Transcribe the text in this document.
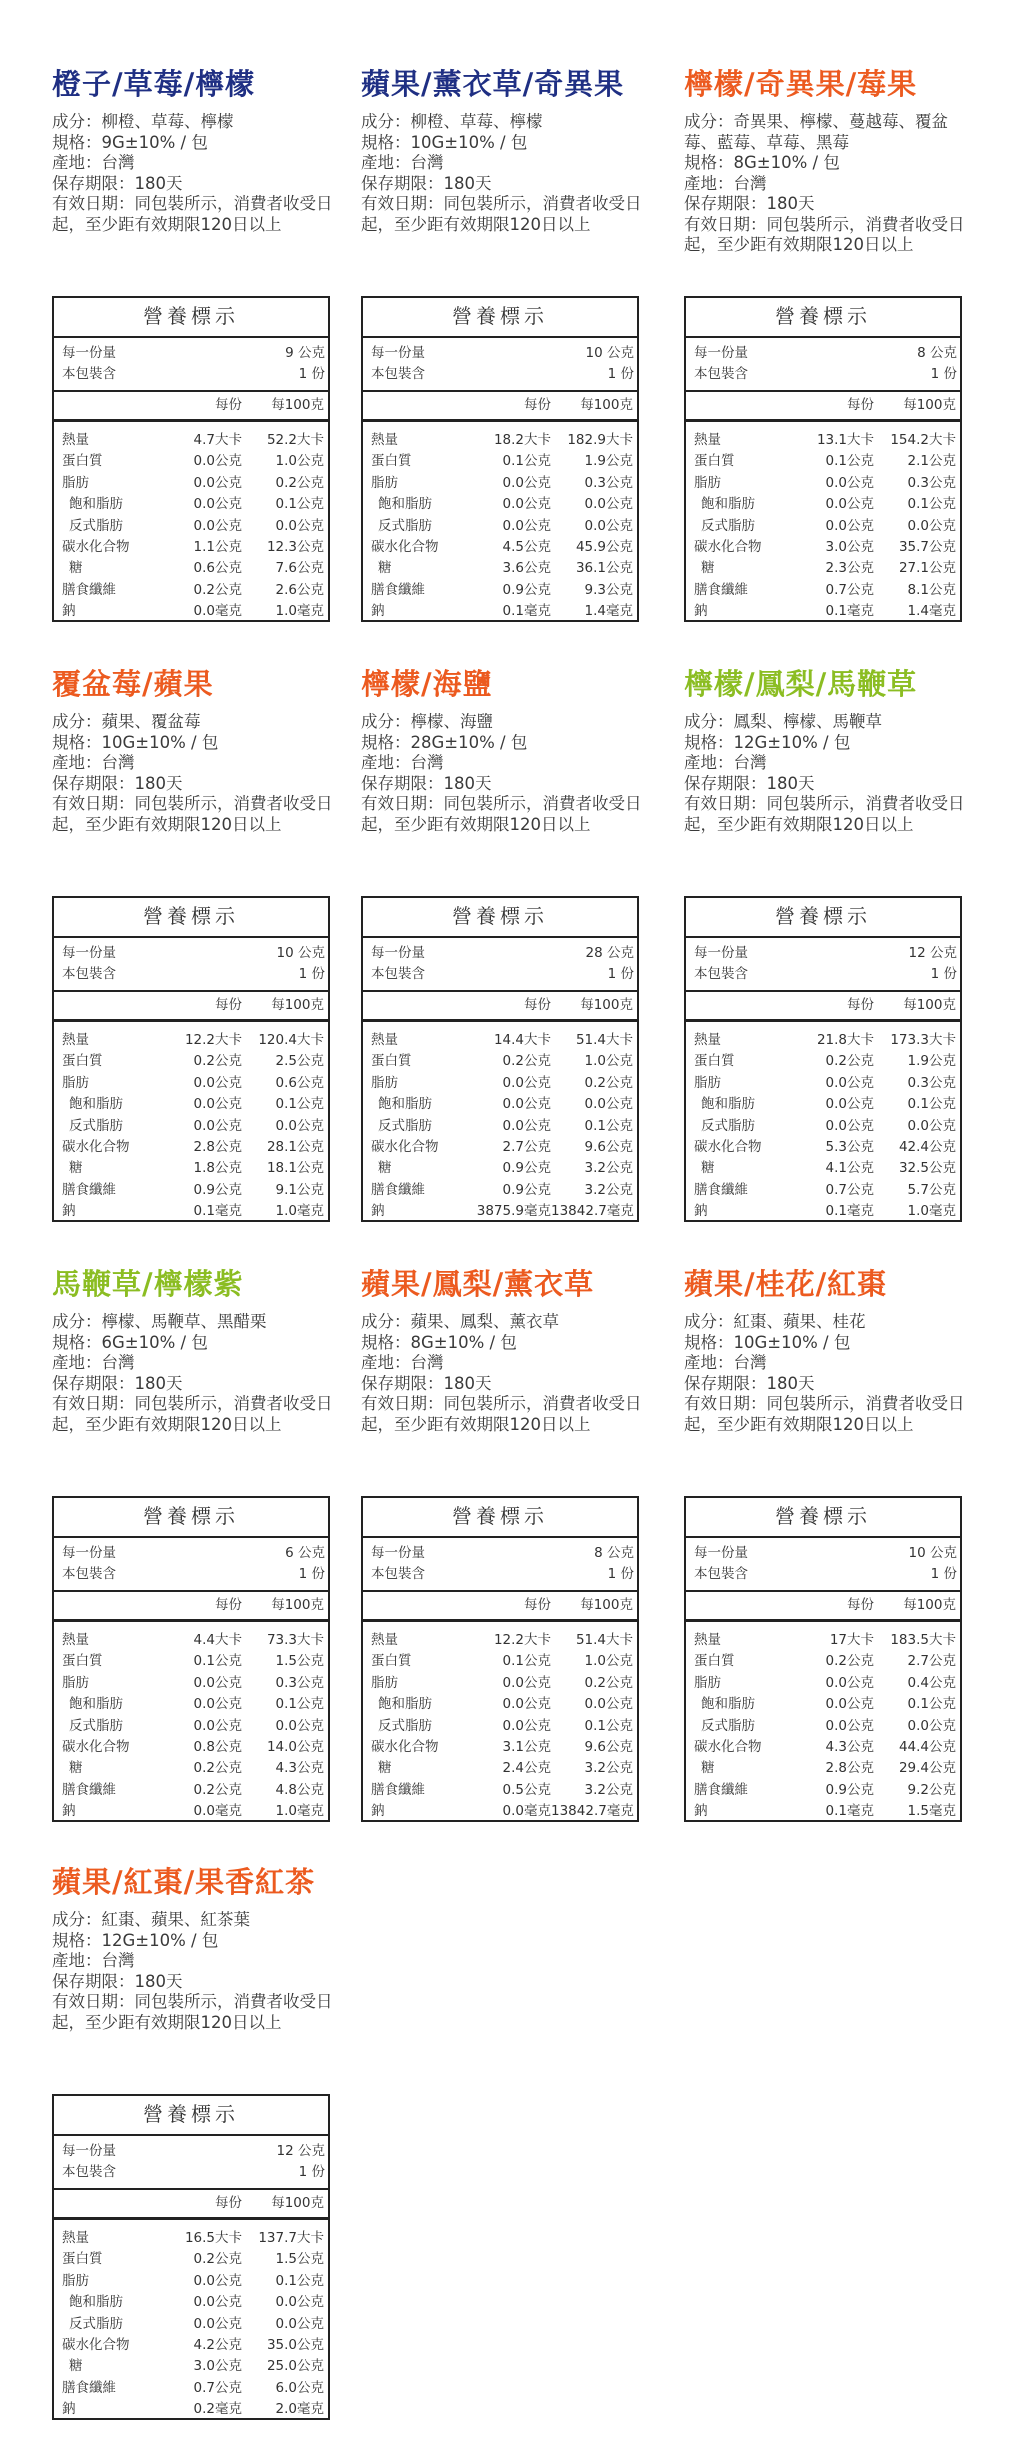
橙子/草莓/檸檬
成分：柳橙、草莓、檸檬
規格：9G±10% / 包
產地：台灣
保存期限：180天
有效日期：同包裝所示，消費者收受日起，至少距有效期限120日以上
營養標示
每一份量	9 公克
本包裝含	1 份
每份	每100克
熱量	4.7大卡	52.2大卡
蛋白質	0.0公克	1.0公克
脂肪	0.0公克	0.2公克
飽和脂肪	0.0公克	0.1公克
反式脂肪	0.0公克	0.0公克
碳水化合物	1.1公克	12.3公克
糖	0.6公克	7.6公克
膳食纖維	0.2公克	2.6公克
鈉	0.0毫克	1.0毫克
蘋果/薰衣草/奇異果
成分：柳橙、草莓、檸檬
規格：10G±10% / 包
產地：台灣
保存期限：180天
有效日期：同包裝所示，消費者收受日起，至少距有效期限120日以上
營養標示
每一份量	10 公克
本包裝含	1 份
每份	每100克
熱量	18.2大卡	182.9大卡
蛋白質	0.1公克	1.9公克
脂肪	0.0公克	0.3公克
飽和脂肪	0.0公克	0.0公克
反式脂肪	0.0公克	0.0公克
碳水化合物	4.5公克	45.9公克
糖	3.6公克	36.1公克
膳食纖維	0.9公克	9.3公克
鈉	0.1毫克	1.4毫克
檸檬/奇異果/莓果
成分：奇異果、檸檬、蔓越莓、覆盆莓、藍莓、草莓、黑莓
規格：8G±10% / 包
產地：台灣
保存期限：180天
有效日期：同包裝所示，消費者收受日起，至少距有效期限120日以上
營養標示
每一份量	8 公克
本包裝含	1 份
每份	每100克
熱量	13.1大卡	154.2大卡
蛋白質	0.1公克	2.1公克
脂肪	0.0公克	0.3公克
飽和脂肪	0.0公克	0.1公克
反式脂肪	0.0公克	0.0公克
碳水化合物	3.0公克	35.7公克
糖	2.3公克	27.1公克
膳食纖維	0.7公克	8.1公克
鈉	0.1毫克	1.4毫克
覆盆莓/蘋果
成分：蘋果、覆盆莓
規格：10G±10% / 包
產地：台灣
保存期限：180天
有效日期：同包裝所示，消費者收受日起，至少距有效期限120日以上
營養標示
每一份量	10 公克
本包裝含	1 份
每份	每100克
熱量	12.2大卡	120.4大卡
蛋白質	0.2公克	2.5公克
脂肪	0.0公克	0.6公克
飽和脂肪	0.0公克	0.1公克
反式脂肪	0.0公克	0.0公克
碳水化合物	2.8公克	28.1公克
糖	1.8公克	18.1公克
膳食纖維	0.9公克	9.1公克
鈉	0.1毫克	1.0毫克
檸檬/海鹽
成分：檸檬、海鹽
規格：28G±10% / 包
產地：台灣
保存期限：180天
有效日期：同包裝所示，消費者收受日起，至少距有效期限120日以上
營養標示
每一份量	28 公克
本包裝含	1 份
每份	每100克
熱量	14.4大卡	51.4大卡
蛋白質	0.2公克	1.0公克
脂肪	0.0公克	0.2公克
飽和脂肪	0.0公克	0.0公克
反式脂肪	0.0公克	0.1公克
碳水化合物	2.7公克	9.6公克
糖	0.9公克	3.2公克
膳食纖維	0.9公克	3.2公克
鈉	3875.9毫克 13842.7毫克
檸檬/鳳梨/馬鞭草
成分：鳳梨、檸檬、馬鞭草
規格：12G±10% / 包
產地：台灣
保存期限：180天
有效日期：同包裝所示，消費者收受日起，至少距有效期限120日以上
營養標示
每一份量	12 公克
本包裝含	1 份
每份	每100克
熱量	21.8大卡	173.3大卡
蛋白質	0.2公克	1.9公克
脂肪	0.0公克	0.3公克
飽和脂肪	0.0公克	0.1公克
反式脂肪	0.0公克	0.0公克
碳水化合物	5.3公克	42.4公克
糖	4.1公克	32.5公克
膳食纖維	0.7公克	5.7公克
鈉	0.1毫克	1.0毫克
馬鞭草/檸檬紫
成分：檸檬、馬鞭草、黑醋栗
規格：6G±10% / 包
產地：台灣
保存期限：180天
有效日期：同包裝所示，消費者收受日起，至少距有效期限120日以上
營養標示
每一份量	6 公克
本包裝含	1 份
每份	每100克
熱量	4.4大卡	73.3大卡
蛋白質	0.1公克	1.5公克
脂肪	0.0公克	0.3公克
飽和脂肪	0.0公克	0.1公克
反式脂肪	0.0公克	0.0公克
碳水化合物	0.8公克	14.0公克
糖	0.2公克	4.3公克
膳食纖維	0.2公克	4.8公克
鈉	0.0毫克	1.0毫克
蘋果/鳳梨/薰衣草
成分：蘋果、鳳梨、薰衣草
規格：8G±10% / 包
產地：台灣
保存期限：180天
有效日期：同包裝所示，消費者收受日起，至少距有效期限120日以上
營養標示
每一份量	8 公克
本包裝含	1 份
每份	每100克
熱量	12.2大卡	51.4大卡
蛋白質	0.1公克	1.0公克
脂肪	0.0公克	0.2公克
飽和脂肪	0.0公克	0.0公克
反式脂肪	0.0公克	0.1公克
碳水化合物	3.1公克	9.6公克
糖	2.4公克	3.2公克
膳食纖維	0.5公克	3.2公克
鈉	0.0毫克 13842.7毫克
蘋果/桂花/紅棗
成分：紅棗、蘋果、桂花
規格：10G±10% / 包
產地：台灣
保存期限：180天
有效日期：同包裝所示，消費者收受日起，至少距有效期限120日以上
營養標示
每一份量	10 公克
本包裝含	1 份
每份	每100克
熱量	17大卡	183.5大卡
蛋白質	0.2公克	2.7公克
脂肪	0.0公克	0.4公克
飽和脂肪	0.0公克	0.1公克
反式脂肪	0.0公克	0.0公克
碳水化合物	4.3公克	44.4公克
糖	2.8公克	29.4公克
膳食纖維	0.9公克	9.2公克
鈉	0.1毫克	1.5毫克
蘋果/紅棗/果香紅茶
成分：紅棗、蘋果、紅茶葉
規格：12G±10% / 包
產地：台灣
保存期限：180天
有效日期：同包裝所示，消費者收受日起，至少距有效期限120日以上
營養標示
每一份量	12 公克
本包裝含	1 份
每份	每100克
熱量	16.5大卡	137.7大卡
蛋白質	0.2公克	1.5公克
脂肪	0.0公克	0.1公克
飽和脂肪	0.0公克	0.0公克
反式脂肪	0.0公克	0.0公克
碳水化合物	4.2公克	35.0公克
糖	3.0公克	25.0公克
膳食纖維	0.7公克	6.0公克
鈉	0.2毫克	2.0毫克
